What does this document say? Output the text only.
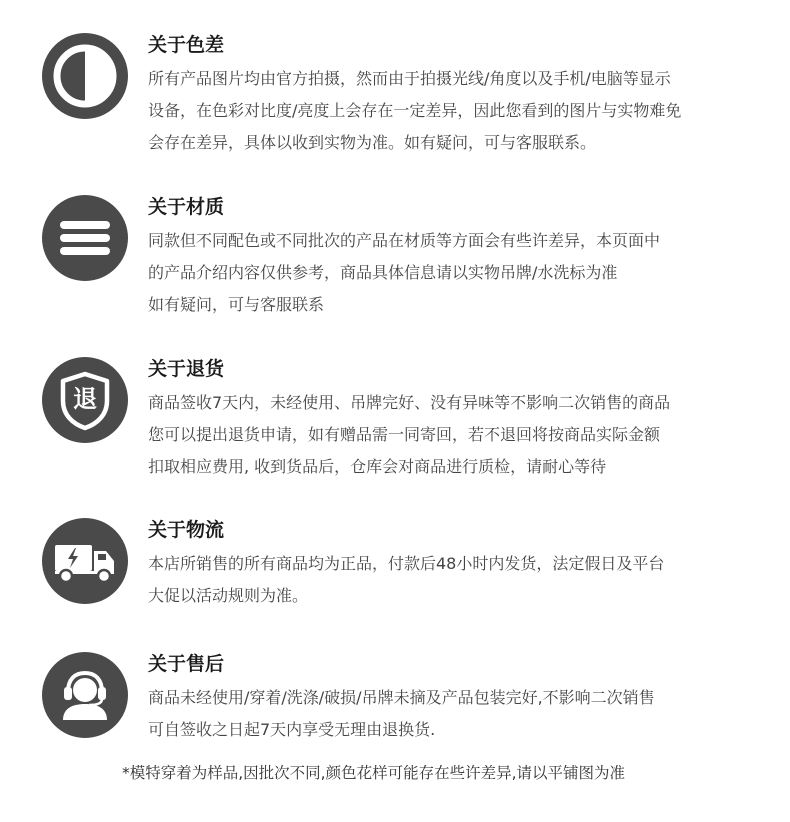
关于色差
所有产品图片均由官方拍摄，然而由于拍摄光线/角度以及手机/电脑等显示
设备，在色彩对比度/亮度上会存在一定差异，因此您看到的图片与实物难免
会存在差异，具体以收到实物为准。如有疑问，可与客服联系。
关于材质
同款但不同配色或不同批次的产品在材质等方面会有些许差异，本页面中
的产品介绍内容仅供参考，商品具体信息请以实物吊牌/水洗标为准
如有疑问，可与客服联系
退
关于退货
商品签收7天内，未经使用、吊牌完好、没有异味等不影响二次销售的商品
您可以提出退货申请，如有赠品需一同寄回，若不退回将按商品实际金额
扣取相应费用, 收到货品后，仓库会对商品进行质检，请耐心等待
关于物流
本店所销售的所有商品均为正品，付款后48小时内发货，法定假日及平台
大促以活动规则为准。
关于售后
商品未经使用/穿着/洗涤/破损/吊牌未摘及产品包装完好,不影响二次销售
可自签收之日起7天内享受无理由退换货.
*模特穿着为样品,因批次不同,颜色花样可能存在些许差异,请以平铺图为准
